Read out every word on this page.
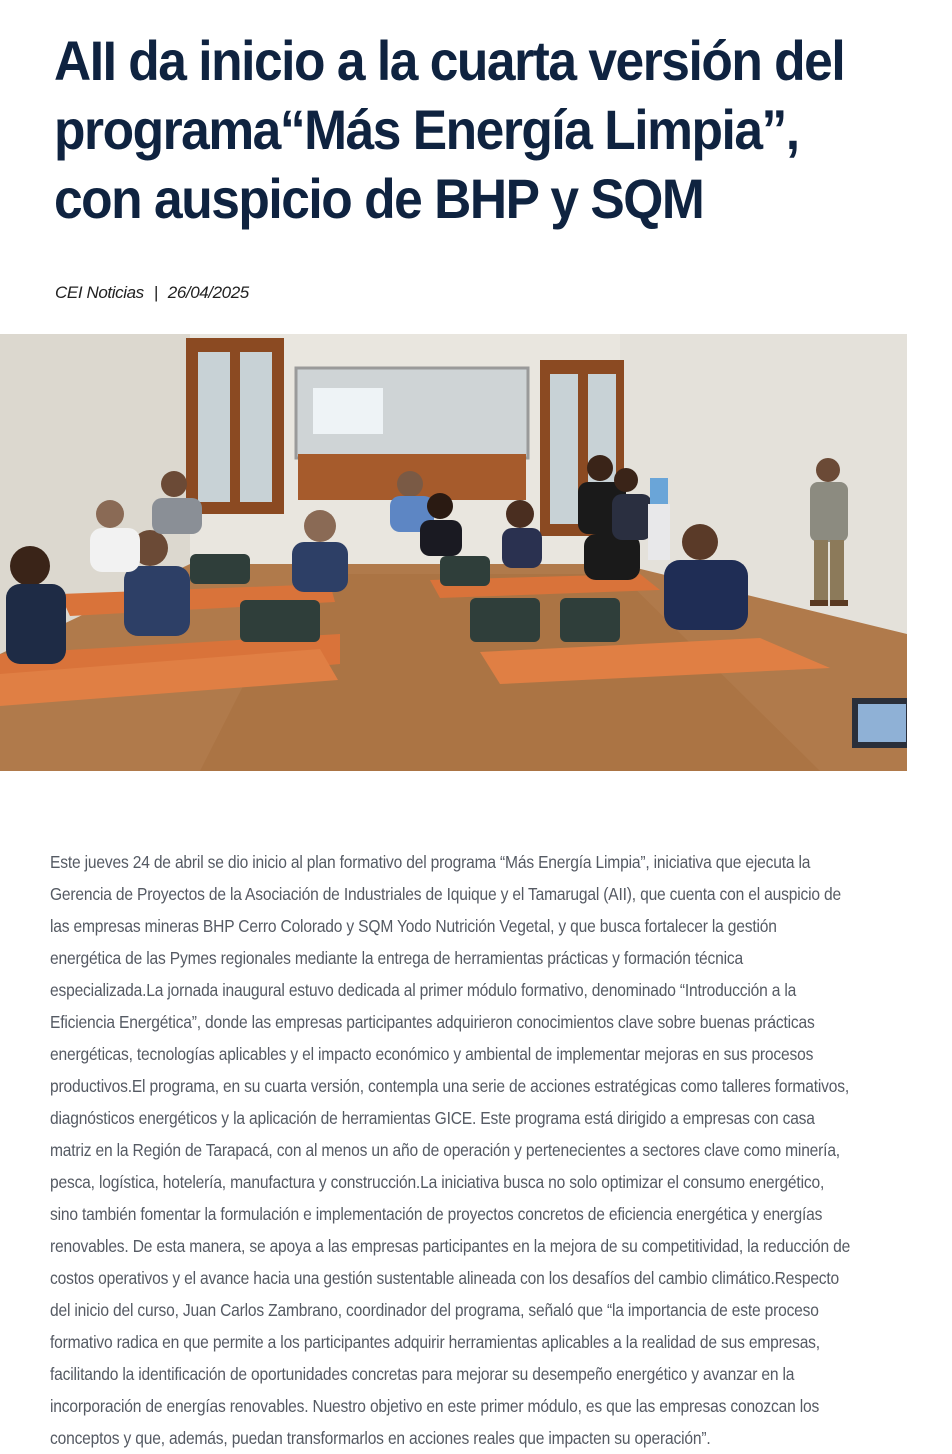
AII da inicio a la cuarta versión del programa“Más Energía Limpia”, con auspicio de BHP y SQM
CEI Noticias | 26/04/2025

Este jueves 24 de abril se dio inicio al plan formativo del programa “Más Energía Limpia”, iniciativa que ejecuta la Gerencia de Proyectos de la Asociación de Industriales de Iquique y el Tamarugal (AII), que cuenta con el auspicio de las empresas mineras BHP Cerro Colorado y SQM Yodo Nutrición Vegetal, y que busca fortalecer la gestión energética de las Pymes regionales mediante la entrega de herramientas prácticas y formación técnica especializada.La jornada inaugural estuvo dedicada al primer módulo formativo, denominado “Introducción a la Eficiencia Energética”, donde las empresas participantes adquirieron conocimientos clave sobre buenas prácticas energéticas, tecnologías aplicables y el impacto económico y ambiental de implementar mejoras en sus procesos productivos.El programa, en su cuarta versión, contempla una serie de acciones estratégicas como talleres formativos, diagnósticos energéticos y la aplicación de herramientas GICE. Este programa está dirigido a empresas con casa matriz en la Región de Tarapacá, con al menos un año de operación y pertenecientes a sectores clave como minería, pesca, logística, hotelería, manufactura y construcción.La iniciativa busca no solo optimizar el consumo energético, sino también fomentar la formulación e implementación de proyectos concretos de eficiencia energética y energías renovables. De esta manera, se apoya a las empresas participantes en la mejora de su competitividad, la reducción de costos operativos y el avance hacia una gestión sustentable alineada con los desafíos del cambio climático.Respecto del inicio del curso, Juan Carlos Zambrano, coordinador del programa, señaló que “la importancia de este proceso formativo radica en que permite a los participantes adquirir herramientas aplicables a la realidad de sus empresas, facilitando la identificación de oportunidades concretas para mejorar su desempeño energético y avanzar en la incorporación de energías renovables. Nuestro objetivo en este primer módulo, es que las empresas conozcan los conceptos y que, además, puedan transformarlos en acciones reales que impacten su operación”.
